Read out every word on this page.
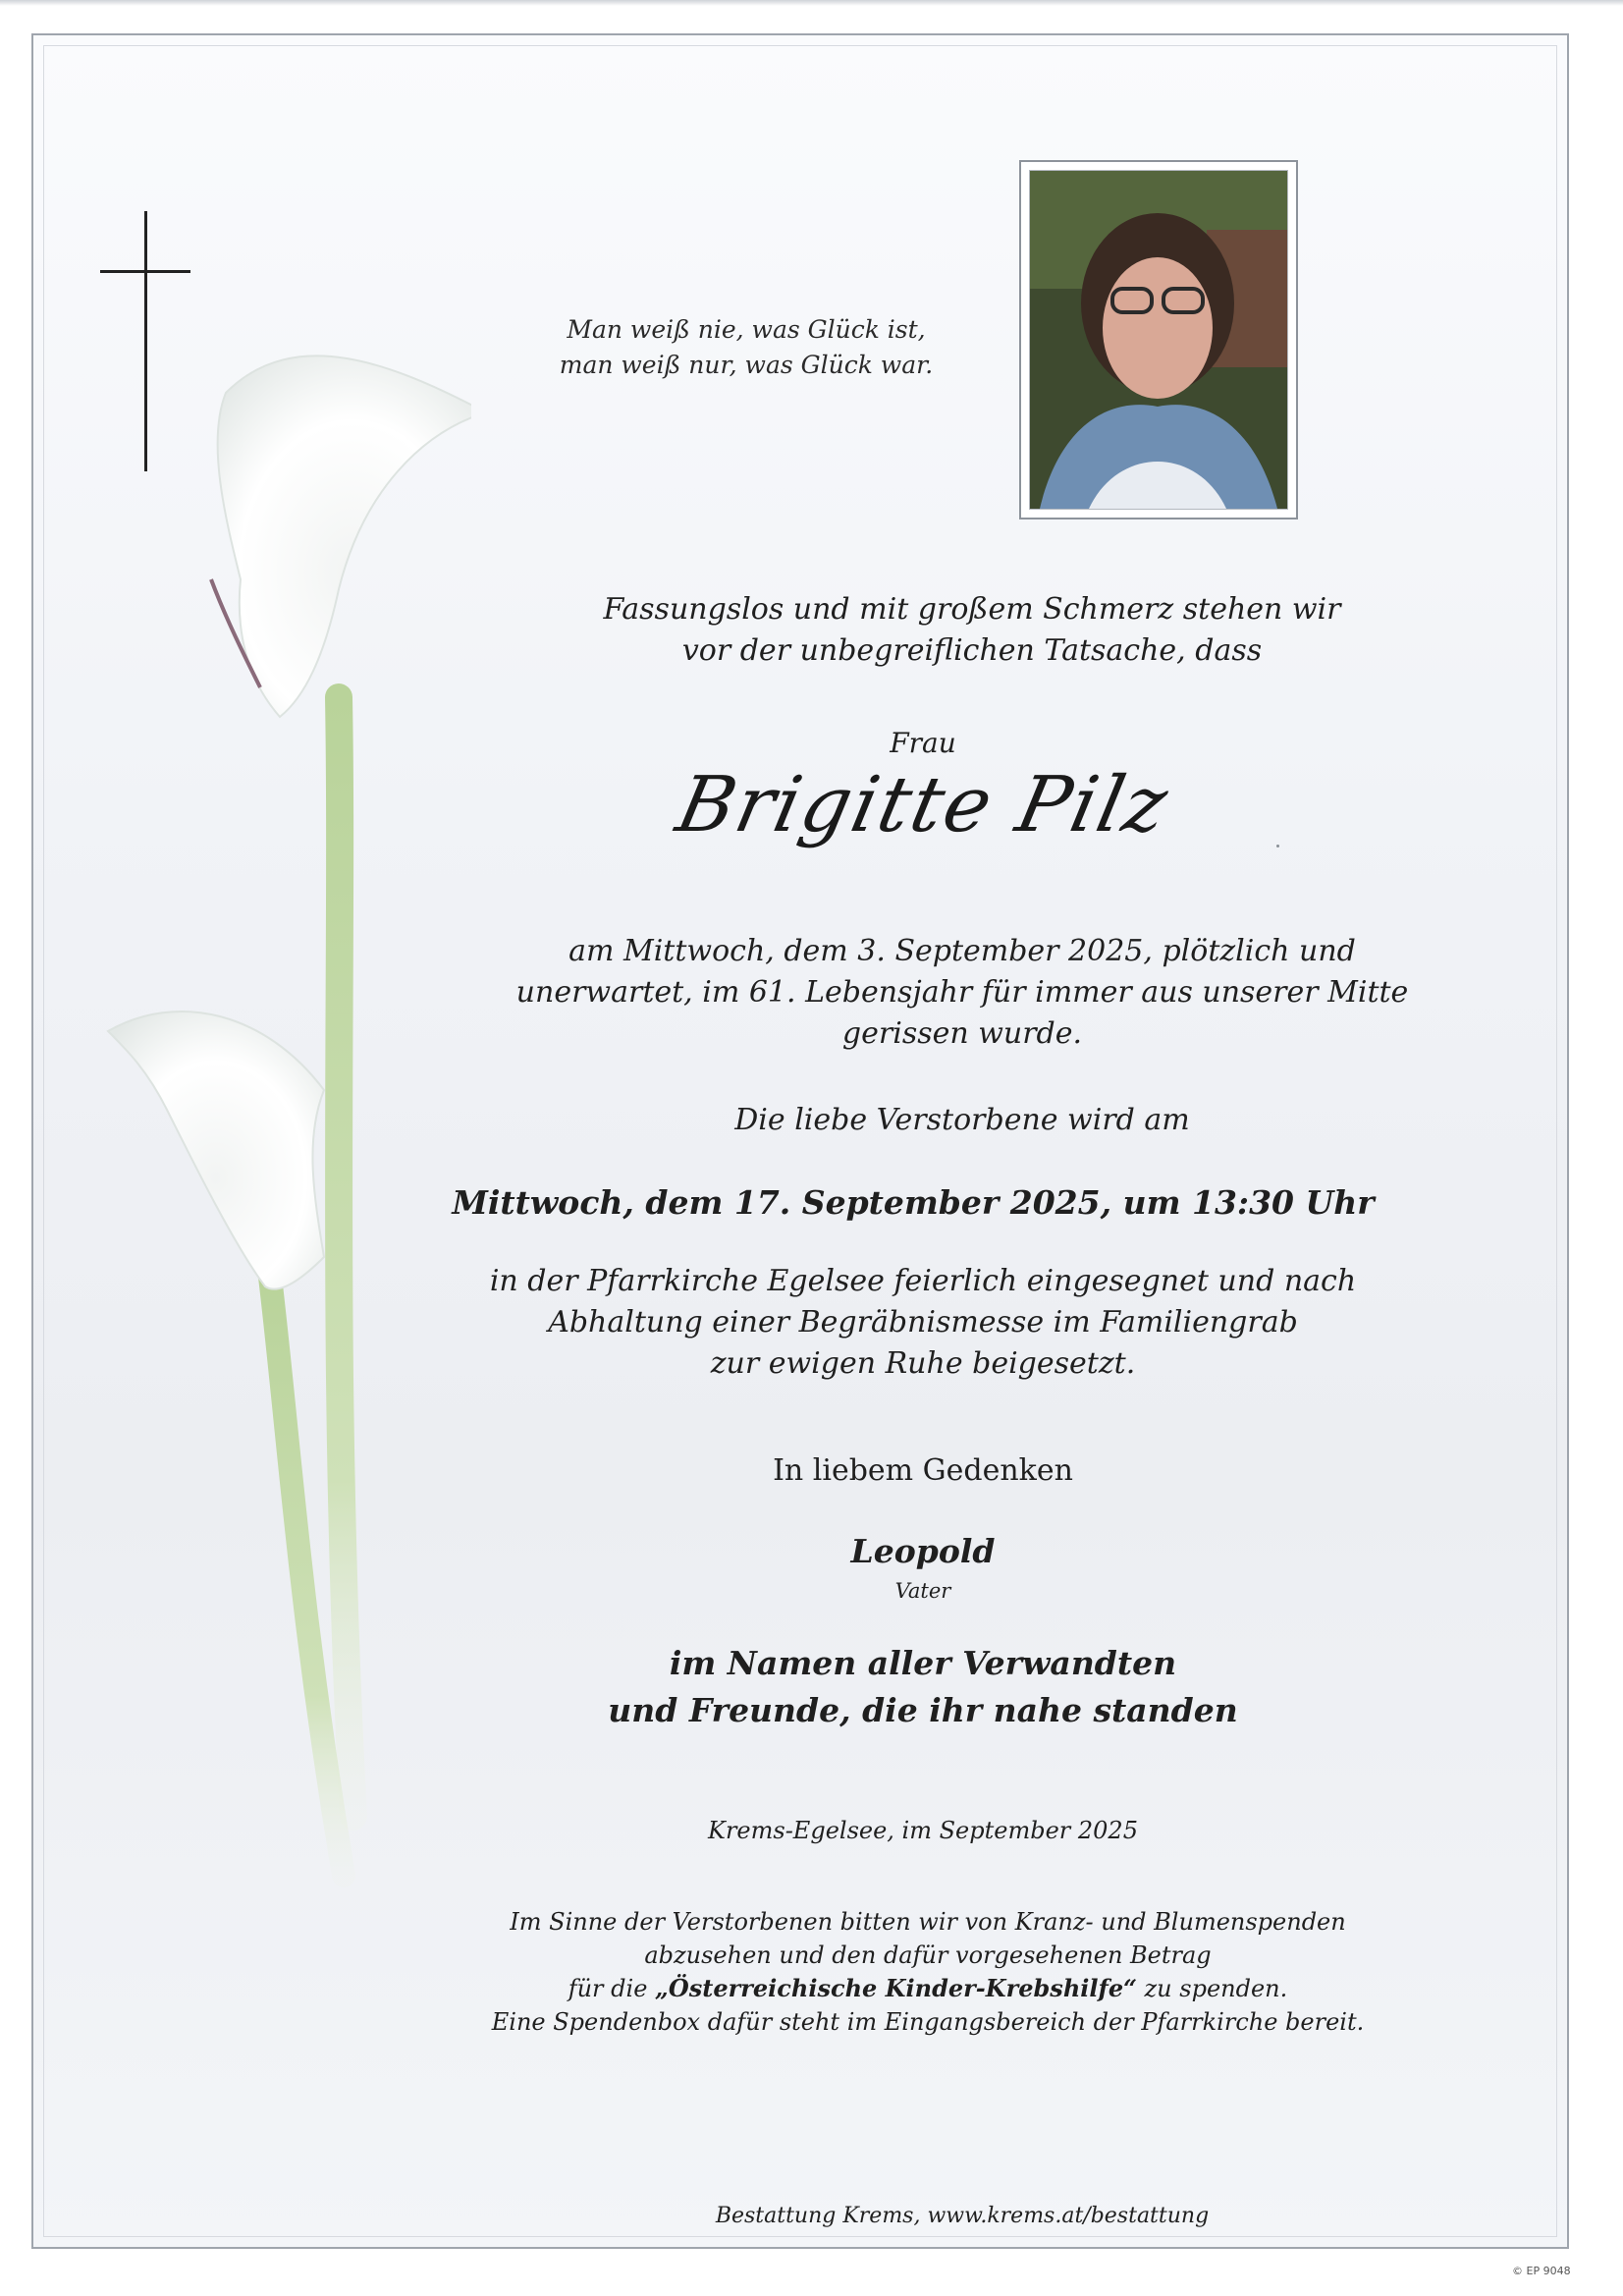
Man weiß nie, was Glück ist,
man weiß nur, was Glück war.
Fassungslos und mit großem Schmerz stehen wir
vor der unbegreiflichen Tatsache, dass
Frau
Brigitte Pilz
am Mittwoch, dem 3. September 2025, plötzlich und
unerwartet, im 61. Lebensjahr für immer aus unserer Mitte
gerissen wurde.
Die liebe Verstorbene wird am
Mittwoch, dem 17. September 2025, um 13:30 Uhr
in der Pfarrkirche Egelsee feierlich eingesegnet und nach
Abhaltung einer Begräbnismesse im Familiengrab
zur ewigen Ruhe beigesetzt.
In liebem Gedenken
Leopold
Vater
im Namen aller Verwandten
und Freunde, die ihr nahe standen
Krems-Egelsee, im September 2025
Im Sinne der Verstorbenen bitten wir von Kranz- und Blumenspenden
abzusehen und den dafür vorgesehenen Betrag
für die „Österreichische Kinder-Krebshilfe“ zu spenden.
Eine Spendenbox dafür steht im Eingangsbereich der Pfarrkirche bereit.
Bestattung Krems, www.krems.at/bestattung
© EP 9048
